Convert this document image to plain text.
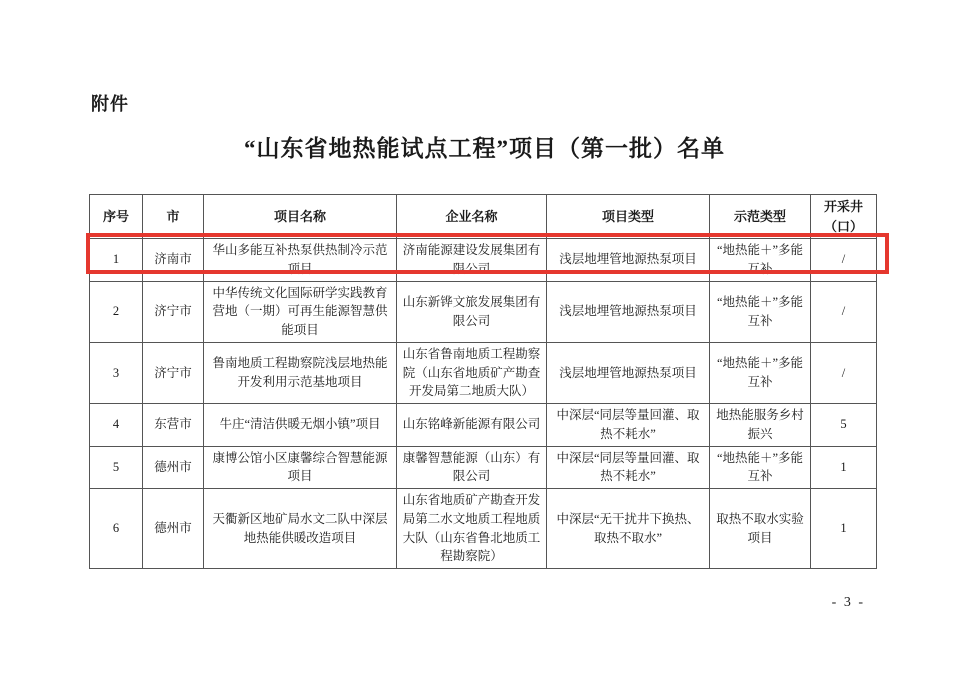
附件
“山东省地热能试点工程”项目（第一批）名单
序号	市	项目名称	企业名称	项目类型	示范类型	开采井（口）
1	济南市	华山多能互补热泵供热制冷示范项目	济南能源建设发展集团有限公司	浅层地埋管地源热泵项目	“地热能＋”多能互补	/
2	济宁市	中华传统文化国际研学实践教育营地（一期）可再生能源智慧供能项目	山东新铧文旅发展集团有限公司	浅层地埋管地源热泵项目	“地热能＋”多能互补	/
3	济宁市	鲁南地质工程勘察院浅层地热能开发利用示范基地项目	山东省鲁南地质工程勘察院（山东省地质矿产勘查开发局第二地质大队）	浅层地埋管地源热泵项目	“地热能＋”多能互补	/
4	东营市	牛庄“清洁供暖无烟小镇”项目	山东铭峰新能源有限公司	中深层“同层等量回灌、取热不耗水”	地热能服务乡村振兴	5
5	德州市	康博公馆小区康馨综合智慧能源项目	康馨智慧能源（山东）有限公司	中深层“同层等量回灌、取热不耗水”	“地热能＋”多能互补	1
6	德州市	天衢新区地矿局水文二队中深层地热能供暖改造项目	山东省地质矿产勘查开发局第二水文地质工程地质大队（山东省鲁北地质工程勘察院）	中深层“无干扰井下换热、取热不取水”	取热不取水实验项目	1
- 3 -
